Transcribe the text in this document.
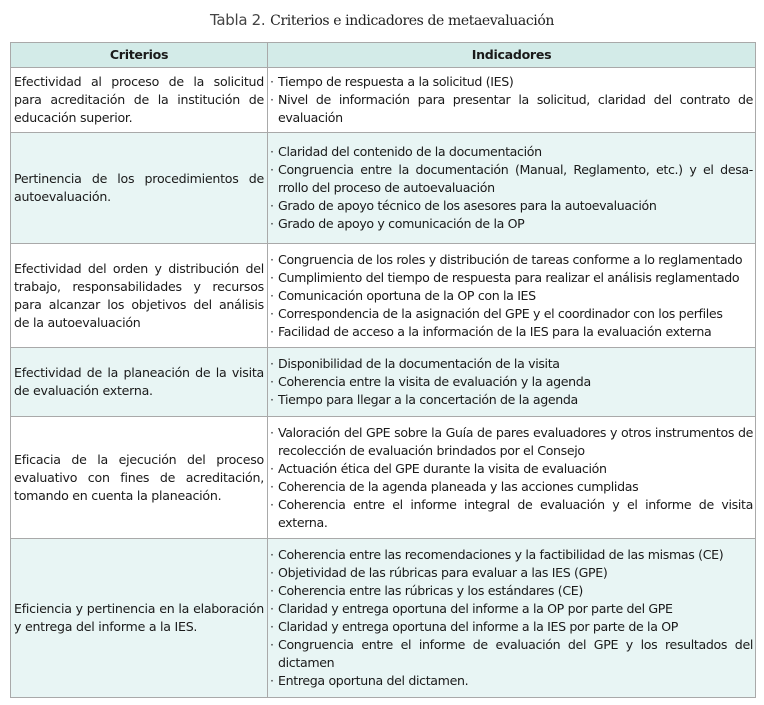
Tabla 2. Criterios e indicadores de metaevaluación
Criterios	Indicadores
Efectividad al proceso de la solicitud para acreditación de la institución de educación superior.	
· Tiempo de respuesta a la solicitud (IES)
· Nivel de información para presentar la solicitud, claridad del contrato de evaluación

Pertinencia de los procedimientos de autoevaluación.	
· Claridad del contenido de la documentación
· Congruencia entre la documentación (Manual, Reglamento, etc.) y el desa-rrollo del proceso de autoevaluación
· Grado de apoyo técnico de los asesores para la autoevaluación
· Grado de apoyo y comunicación de la OP

Efectividad del orden y distribución del trabajo, responsabilidades y recursos para alcanzar los objetivos del análisis de la autoevaluación	
· Congruencia de los roles y distribución de tareas conforme a lo reglamentado
· Cumplimiento del tiempo de respuesta para realizar el análisis reglamentado
· Comunicación oportuna de la OP con la IES
· Correspondencia de la asignación del GPE y el coordinador con los perfiles
· Facilidad de acceso a la información de la IES para la evaluación externa

Efectividad de la planeación de la visita de evaluación externa.	
· Disponibilidad de la documentación de la visita
· Coherencia entre la visita de evaluación y la agenda
· Tiempo para llegar a la concertación de la agenda

Eficacia de la ejecución del proceso evaluativo con fines de acreditación, tomando en cuenta la planeación.	
· Valoración del GPE sobre la Guía de pares evaluadores y otros instrumentos de recolección de evaluación brindados por el Consejo
· Actuación ética del GPE durante la visita de evaluación
· Coherencia de la agenda planeada y las acciones cumplidas
· Coherencia entre el informe integral de evaluación y el informe de visita externa.

Eficiencia y pertinencia en la elaboración y entrega del informe a la IES.	
· Coherencia entre las recomendaciones y la factibilidad de las mismas (CE)
· Objetividad de las rúbricas para evaluar a las IES (GPE)
· Coherencia entre las rúbricas y los estándares (CE)
· Claridad y entrega oportuna del informe a la OP por parte del GPE
· Claridad y entrega oportuna del informe a la IES por parte de la OP
· Congruencia entre el informe de evaluación del GPE y los resultados del dictamen
· Entrega oportuna del dictamen.
